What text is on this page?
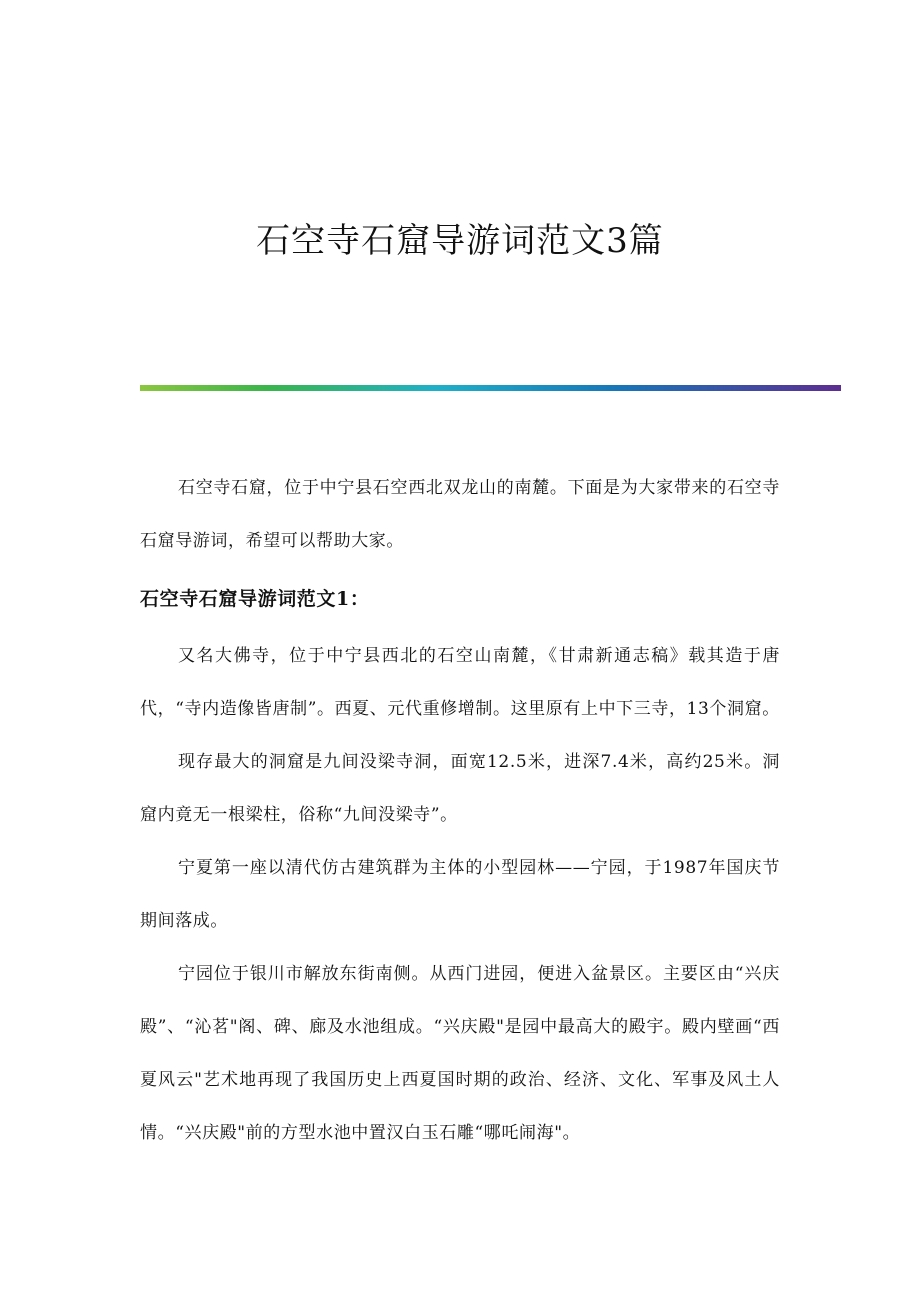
石空寺石窟导游词范文3篇

石空寺石窟，位于中宁县石空西北双龙山的南麓。下面是为大家带来的石空寺石窟导游词，希望可以帮助大家。

石空寺石窟导游词范文1：

又名大佛寺，位于中宁县西北的石空山南麓，《甘肃新通志稿》载其造于唐代，“寺内造像皆唐制”。西夏、元代重修增制。这里原有上中下三寺，13个洞窟。

现存最大的洞窟是九间没梁寺洞，面宽12.5米，进深7.4米，高约25米。洞窟内竟无一根梁柱，俗称“九间没梁寺”。

宁夏第一座以清代仿古建筑群为主体的小型园林——宁园，于1987年国庆节期间落成。

宁园位于银川市解放东街南侧。从西门进园，便进入盆景区。主要区由“兴庆殿”、“沁茗"阁、碑、廊及水池组成。“兴庆殿"是园中最高大的殿宇。殿内壁画“西夏风云"艺术地再现了我国历史上西夏国时期的政治、经济、文化、军事及风土人情。“兴庆殿"前的方型水池中置汉白玉石雕“哪吒闹海"。
